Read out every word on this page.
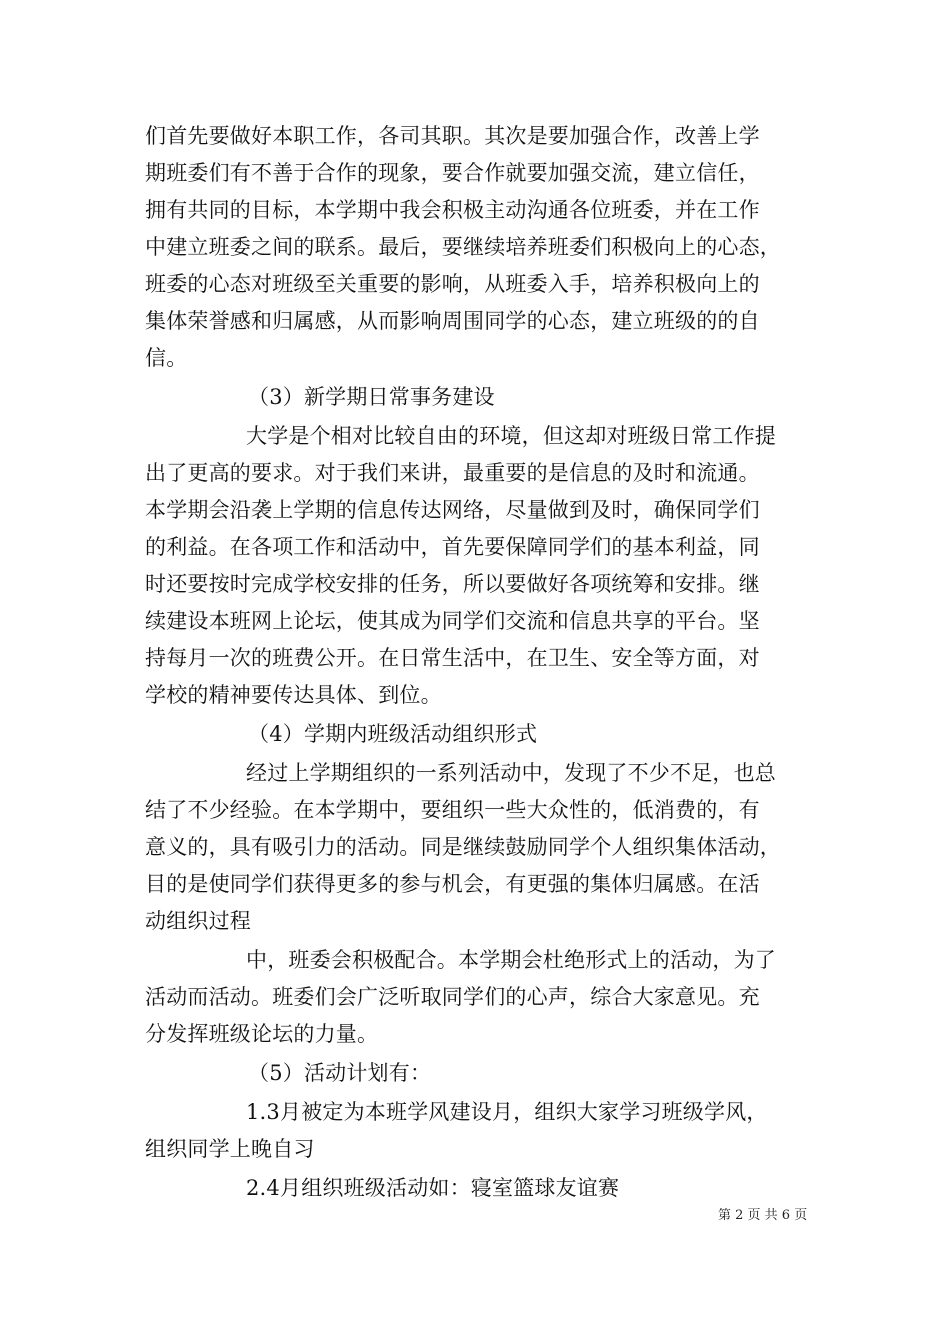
们首先要做好本职工作，各司其职。其次是要加强合作，改善上学
期班委们有不善于合作的现象，要合作就要加强交流，建立信任，
拥有共同的目标，本学期中我会积极主动沟通各位班委，并在工作
中建立班委之间的联系。最后，要继续培养班委们积极向上的心态，
班委的心态对班级至关重要的影响，从班委入手，培养积极向上的
集体荣誉感和归属感，从而影响周围同学的心态，建立班级的的自
信。
（3）新学期日常事务建设
大学是个相对比较自由的环境，但这却对班级日常工作提
出了更高的要求。对于我们来讲，最重要的是信息的及时和流通。
本学期会沿袭上学期的信息传达网络，尽量做到及时，确保同学们
的利益。在各项工作和活动中，首先要保障同学们的基本利益，同
时还要按时完成学校安排的任务，所以要做好各项统筹和安排。继
续建设本班网上论坛，使其成为同学们交流和信息共享的平台。坚
持每月一次的班费公开。在日常生活中，在卫生、安全等方面，对
学校的精神要传达具体、到位。
（4）学期内班级活动组织形式
经过上学期组织的一系列活动中，发现了不少不足，也总
结了不少经验。在本学期中，要组织一些大众性的，低消费的，有
意义的，具有吸引力的活动。同是继续鼓励同学个人组织集体活动，
目的是使同学们获得更多的参与机会，有更强的集体归属感。在活
动组织过程
中，班委会积极配合。本学期会杜绝形式上的活动，为了
活动而活动。班委们会广泛听取同学们的心声，综合大家意见。充
分发挥班级论坛的力量。
（5）活动计划有：
1.3月被定为本班学风建设月，组织大家学习班级学风，
组织同学上晚自习
2.4月组织班级活动如：寝室篮球友谊赛
第 2 页 共 6 页
